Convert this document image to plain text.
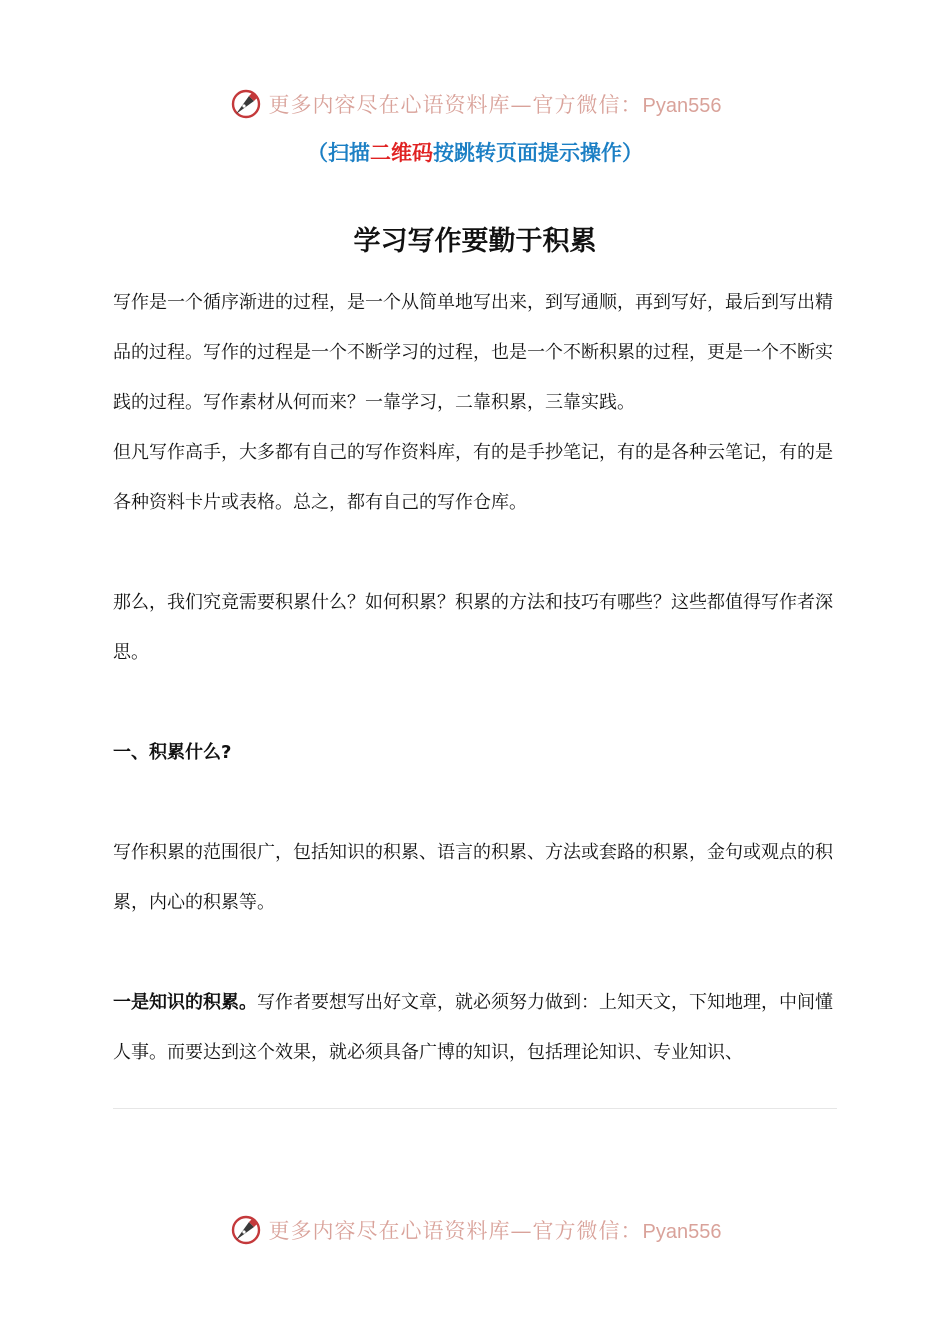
更多内容尽在心语资料库—官方微信：Pyan556
（扫描二维码按跳转页面提示操作）
学习写作要勤于积累

写作是一个循序渐进的过程，是一个从简单地写出来，到写通顺，再到写好，最后到写出精品的过程。写作的过程是一个不断学习的过程，也是一个不断积累的过程，更是一个不断实践的过程。写作素材从何而来？一靠学习，二靠积累，三靠实践。

但凡写作高手，大多都有自己的写作资料库，有的是手抄笔记，有的是各种云笔记，有的是各种资料卡片或表格。总之，都有自己的写作仓库。

那么，我们究竟需要积累什么？如何积累？积累的方法和技巧有哪些？这些都值得写作者深思。

一、积累什么?

写作积累的范围很广，包括知识的积累、语言的积累、方法或套路的积累，金句或观点的积累，内心的积累等。

一是知识的积累。写作者要想写出好文章，就必须努力做到：上知天文，下知地理，中间懂人事。而要达到这个效果，就必须具备广博的知识，包括理论知识、专业知识、

更多内容尽在心语资料库—官方微信：Pyan556
